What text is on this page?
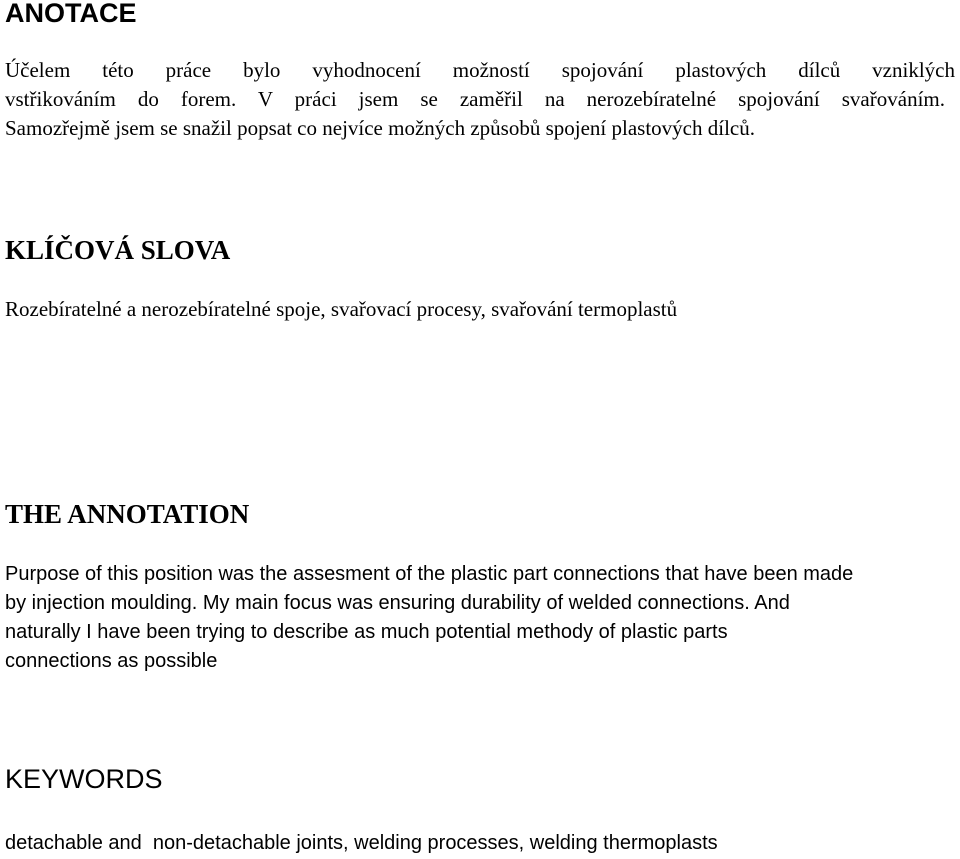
ANOTACE
Účelem této práce bylo vyhodnocení možností spojování plastových dílců vzniklých
vstřikováním do forem. V práci jsem se zaměřil na nerozebíratelné spojování svařováním.
Samozřejmě jsem se snažil popsat co nejvíce možných způsobů spojení plastových dílců.
KLÍČOVÁ SLOVA

Rozebíratelné a nerozebíratelné spoje, svařovací procesy, svařování termoplastů

THE ANNOTATION
Purpose of this position was the assesment of the plastic part connections that have been made
by injection moulding. My main focus was ensuring durability of welded connections. And
naturally I have been trying to describe as much potential methody of plastic parts
connections as possible
KEYWORDS

detachable and  non-detachable joints, welding processes, welding thermoplasts
